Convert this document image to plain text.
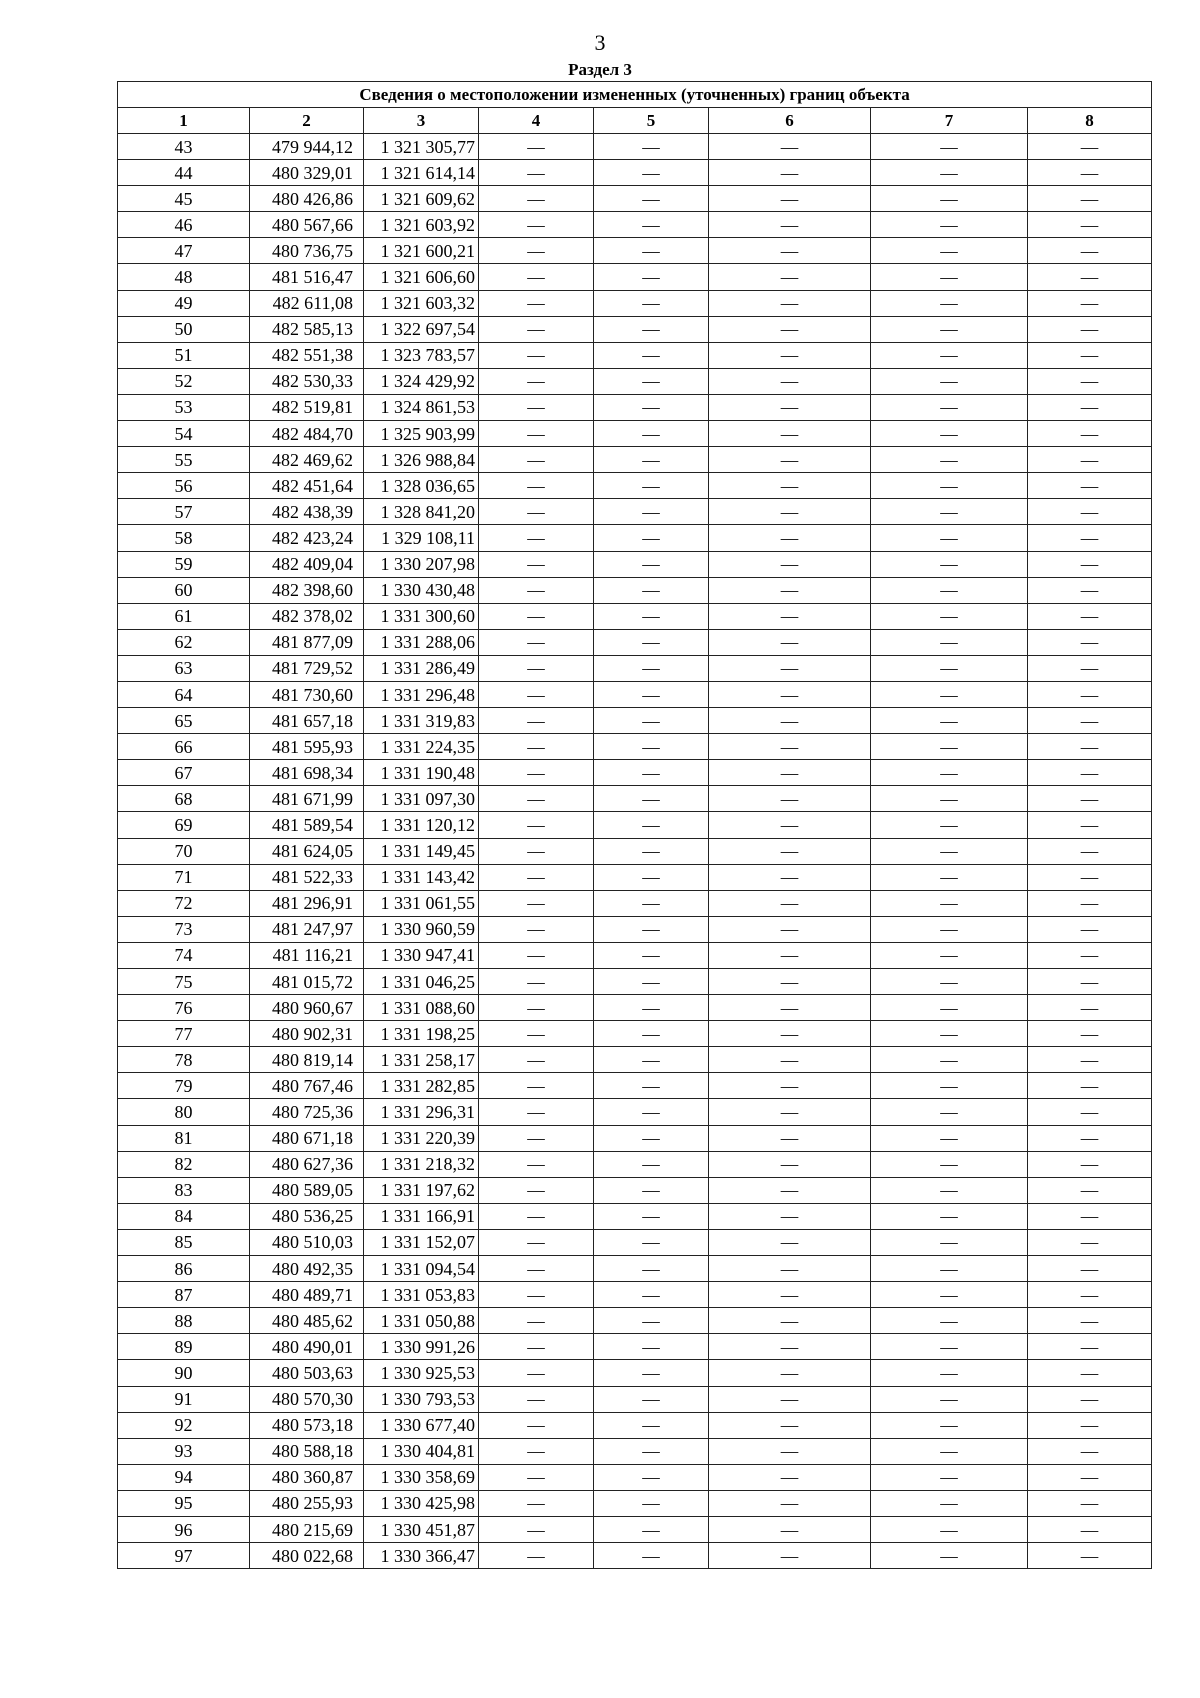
3
Раздел 3
Сведения о местоположении измененных (уточненных) границ объекта							
1	2	3	4	5	6	7	8
43	479 944,12	1 321 305,77	—	—	—	—	—
44	480 329,01	1 321 614,14	—	—	—	—	—
45	480 426,86	1 321 609,62	—	—	—	—	—
46	480 567,66	1 321 603,92	—	—	—	—	—
47	480 736,75	1 321 600,21	—	—	—	—	—
48	481 516,47	1 321 606,60	—	—	—	—	—
49	482 611,08	1 321 603,32	—	—	—	—	—
50	482 585,13	1 322 697,54	—	—	—	—	—
51	482 551,38	1 323 783,57	—	—	—	—	—
52	482 530,33	1 324 429,92	—	—	—	—	—
53	482 519,81	1 324 861,53	—	—	—	—	—
54	482 484,70	1 325 903,99	—	—	—	—	—
55	482 469,62	1 326 988,84	—	—	—	—	—
56	482 451,64	1 328 036,65	—	—	—	—	—
57	482 438,39	1 328 841,20	—	—	—	—	—
58	482 423,24	1 329 108,11	—	—	—	—	—
59	482 409,04	1 330 207,98	—	—	—	—	—
60	482 398,60	1 330 430,48	—	—	—	—	—
61	482 378,02	1 331 300,60	—	—	—	—	—
62	481 877,09	1 331 288,06	—	—	—	—	—
63	481 729,52	1 331 286,49	—	—	—	—	—
64	481 730,60	1 331 296,48	—	—	—	—	—
65	481 657,18	1 331 319,83	—	—	—	—	—
66	481 595,93	1 331 224,35	—	—	—	—	—
67	481 698,34	1 331 190,48	—	—	—	—	—
68	481 671,99	1 331 097,30	—	—	—	—	—
69	481 589,54	1 331 120,12	—	—	—	—	—
70	481 624,05	1 331 149,45	—	—	—	—	—
71	481 522,33	1 331 143,42	—	—	—	—	—
72	481 296,91	1 331 061,55	—	—	—	—	—
73	481 247,97	1 330 960,59	—	—	—	—	—
74	481 116,21	1 330 947,41	—	—	—	—	—
75	481 015,72	1 331 046,25	—	—	—	—	—
76	480 960,67	1 331 088,60	—	—	—	—	—
77	480 902,31	1 331 198,25	—	—	—	—	—
78	480 819,14	1 331 258,17	—	—	—	—	—
79	480 767,46	1 331 282,85	—	—	—	—	—
80	480 725,36	1 331 296,31	—	—	—	—	—
81	480 671,18	1 331 220,39	—	—	—	—	—
82	480 627,36	1 331 218,32	—	—	—	—	—
83	480 589,05	1 331 197,62	—	—	—	—	—
84	480 536,25	1 331 166,91	—	—	—	—	—
85	480 510,03	1 331 152,07	—	—	—	—	—
86	480 492,35	1 331 094,54	—	—	—	—	—
87	480 489,71	1 331 053,83	—	—	—	—	—
88	480 485,62	1 331 050,88	—	—	—	—	—
89	480 490,01	1 330 991,26	—	—	—	—	—
90	480 503,63	1 330 925,53	—	—	—	—	—
91	480 570,30	1 330 793,53	—	—	—	—	—
92	480 573,18	1 330 677,40	—	—	—	—	—
93	480 588,18	1 330 404,81	—	—	—	—	—
94	480 360,87	1 330 358,69	—	—	—	—	—
95	480 255,93	1 330 425,98	—	—	—	—	—
96	480 215,69	1 330 451,87	—	—	—	—	—
97	480 022,68	1 330 366,47	—	—	—	—	—
